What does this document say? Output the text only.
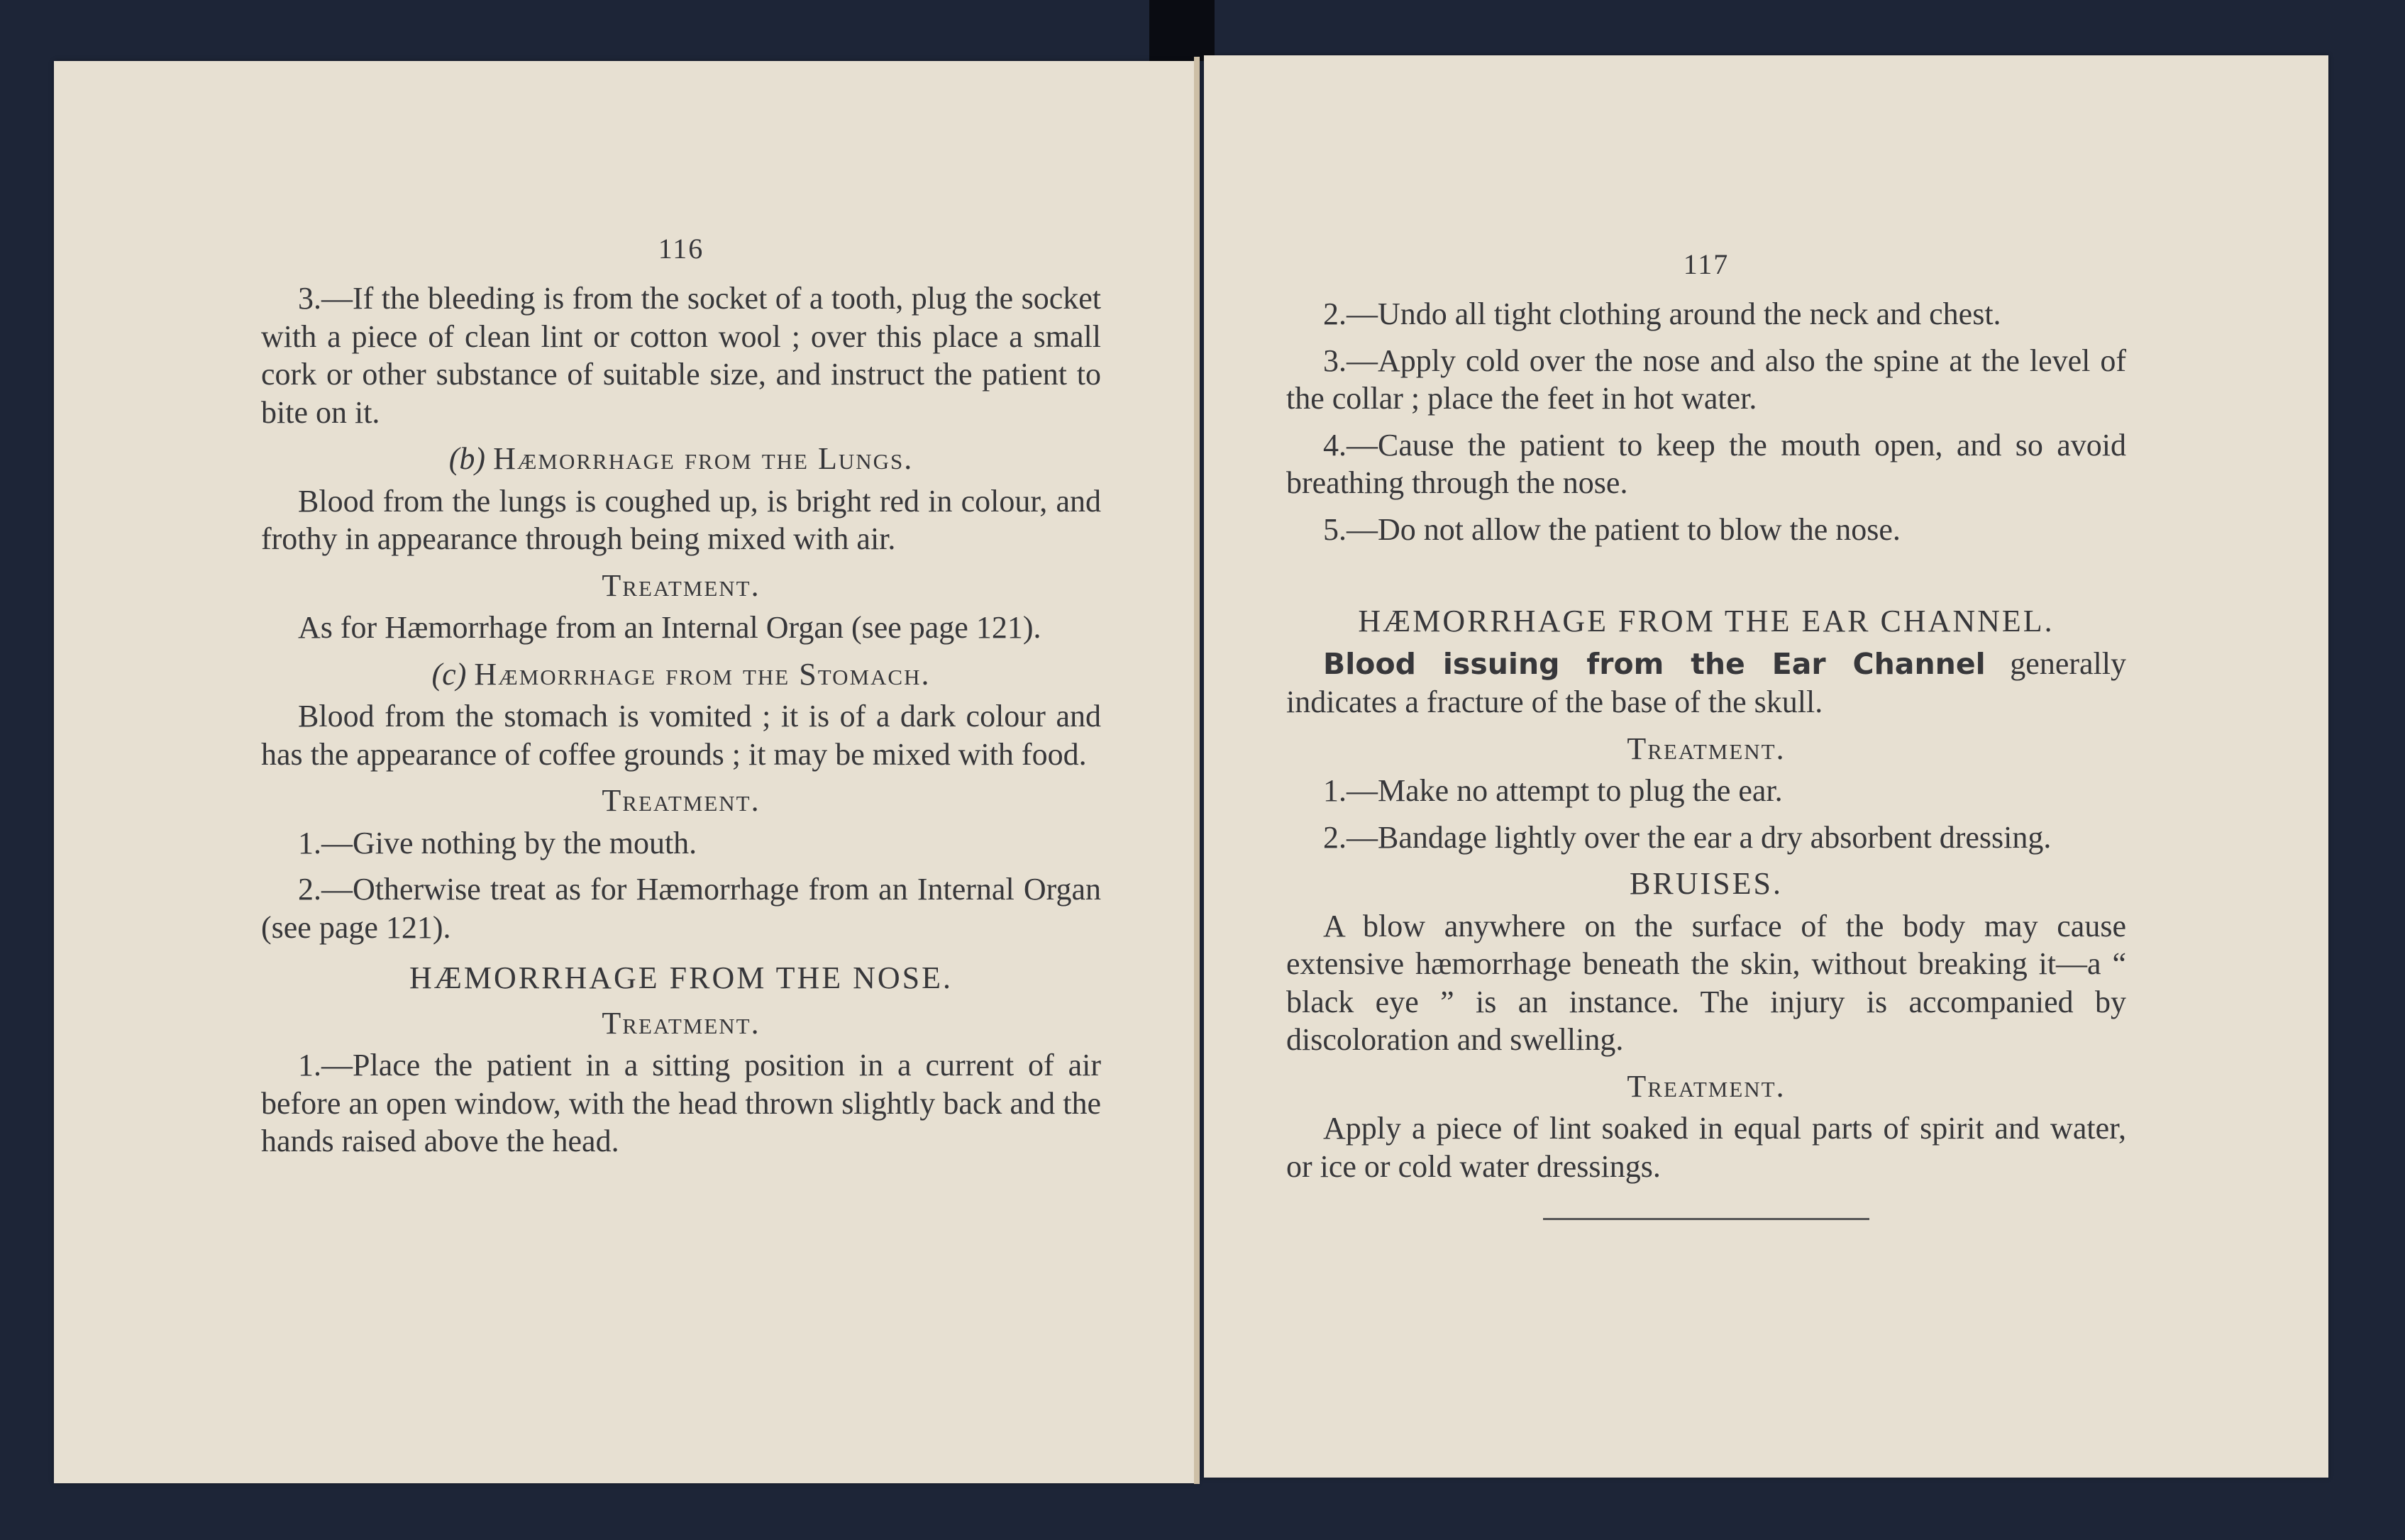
116

3.—If the bleeding is from the socket of a tooth, plug the socket with a piece of clean lint or cotton wool ; over this place a small cork or other substance of suitable size, and instruct the patient to bite on it.

(b) Hæmorrhage from the Lungs.

Blood from the lungs is coughed up, is bright red in colour, and frothy in appearance through being mixed with air.

Treatment.

As for Hæmorrhage from an Internal Organ (see page 121).

(c) Hæmorrhage from the Stomach.

Blood from the stomach is vomited ; it is of a dark colour and has the appearance of coffee grounds ; it may be mixed with food.

Treatment.

1.—Give nothing by the mouth.

2.—Otherwise treat as for Hæmorrhage from an Internal Organ (see page 121).

HÆMORRHAGE FROM THE NOSE.

Treatment.

1.—Place the patient in a sitting position in a current of air before an open window, with the head thrown slightly back and the hands raised above the head.

117

2.—Undo all tight clothing around the neck and chest.

3.—Apply cold over the nose and also the spine at the level of the collar ; place the feet in hot water.

4.—Cause the patient to keep the mouth open, and so avoid breathing through the nose.

5.—Do not allow the patient to blow the nose.

HÆMORRHAGE FROM THE EAR CHANNEL.

Blood issuing from the Ear Channel generally indicates a fracture of the base of the skull.

Treatment.

1.—Make no attempt to plug the ear.

2.—Bandage lightly over the ear a dry absorbent dressing.

BRUISES.

A blow anywhere on the surface of the body may cause extensive hæmorrhage beneath the skin, without breaking it—a “ black eye ” is an instance. The injury is accompanied by discoloration and swelling.

Treatment.

Apply a piece of lint soaked in equal parts of spirit and water, or ice or cold water dressings.
